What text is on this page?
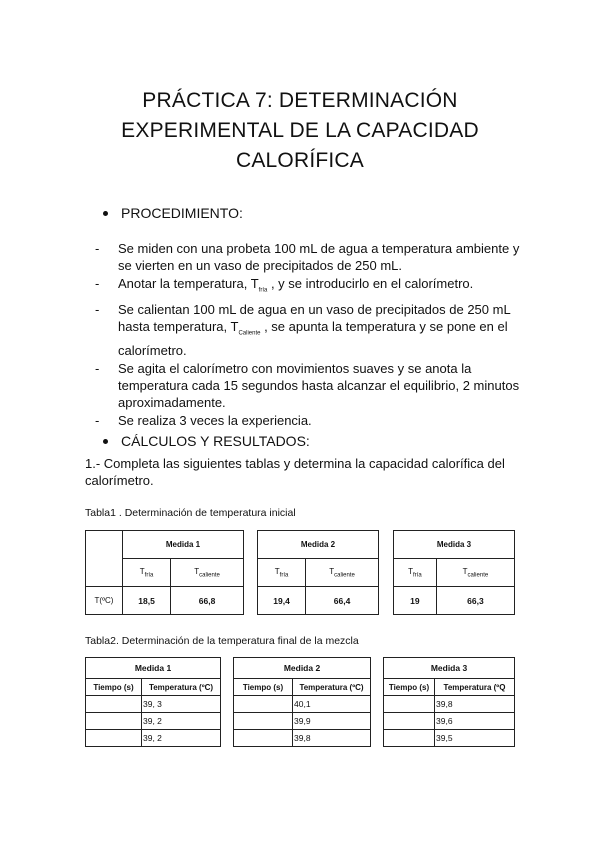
PRÁCTICA 7: DETERMINACIÓN
EXPERIMENTAL DE LA CAPACIDAD
CALORÍFICA
PROCEDIMIENTO:
-	Se miden con una probeta 100 mL de agua a temperatura ambiente y se vierten en un vaso de precipitados de 250 mL.
-	Anotar la temperatura, $T_{fría}$ , y se introducirlo en el calorímetro.
-	Se calientan 100 mL de agua en un vaso de precipitados de 250 mL hasta temperatura, $T_{Caliente}$ , se apunta la temperatura y se pone en el calorímetro.
-	Se agita el calorímetro con movimientos suaves y se anota la temperatura cada 15 segundos hasta alcanzar el equilibrio, 2 minutos aproximadamente.
-	Se realiza 3 veces la experiencia.
CÁLCULOS Y RESULTADOS:
1.- Completa las siguientes tablas y determina la capacidad calorífica del calorímetro.
Tabla1 . Determinación de temperatura inicial
	Medida 1	
	$T_{fría}$	$T_{caliente}$
T(ºC)	18,5	66,8
Medida 2	
$T_{fría}$	$T_{caliente}$
19,4	66,4
Medida 3	
$T_{fría}$	$T_{caliente}$
19	66,3
Tabla2. Determinación de la temperatura final de la mezcla
Medida 1	
Tiempo (s)	Temperatura (ºC)
	39, 3
	39, 2
	39, 2
Medida 2	
Tiempo (s)	Temperatura (ºC)
	40,1
	39,9
	39,8
Medida 3	
Tiempo (s)	Temperatura (ºQ
	39,8
	39,6
	39,5
